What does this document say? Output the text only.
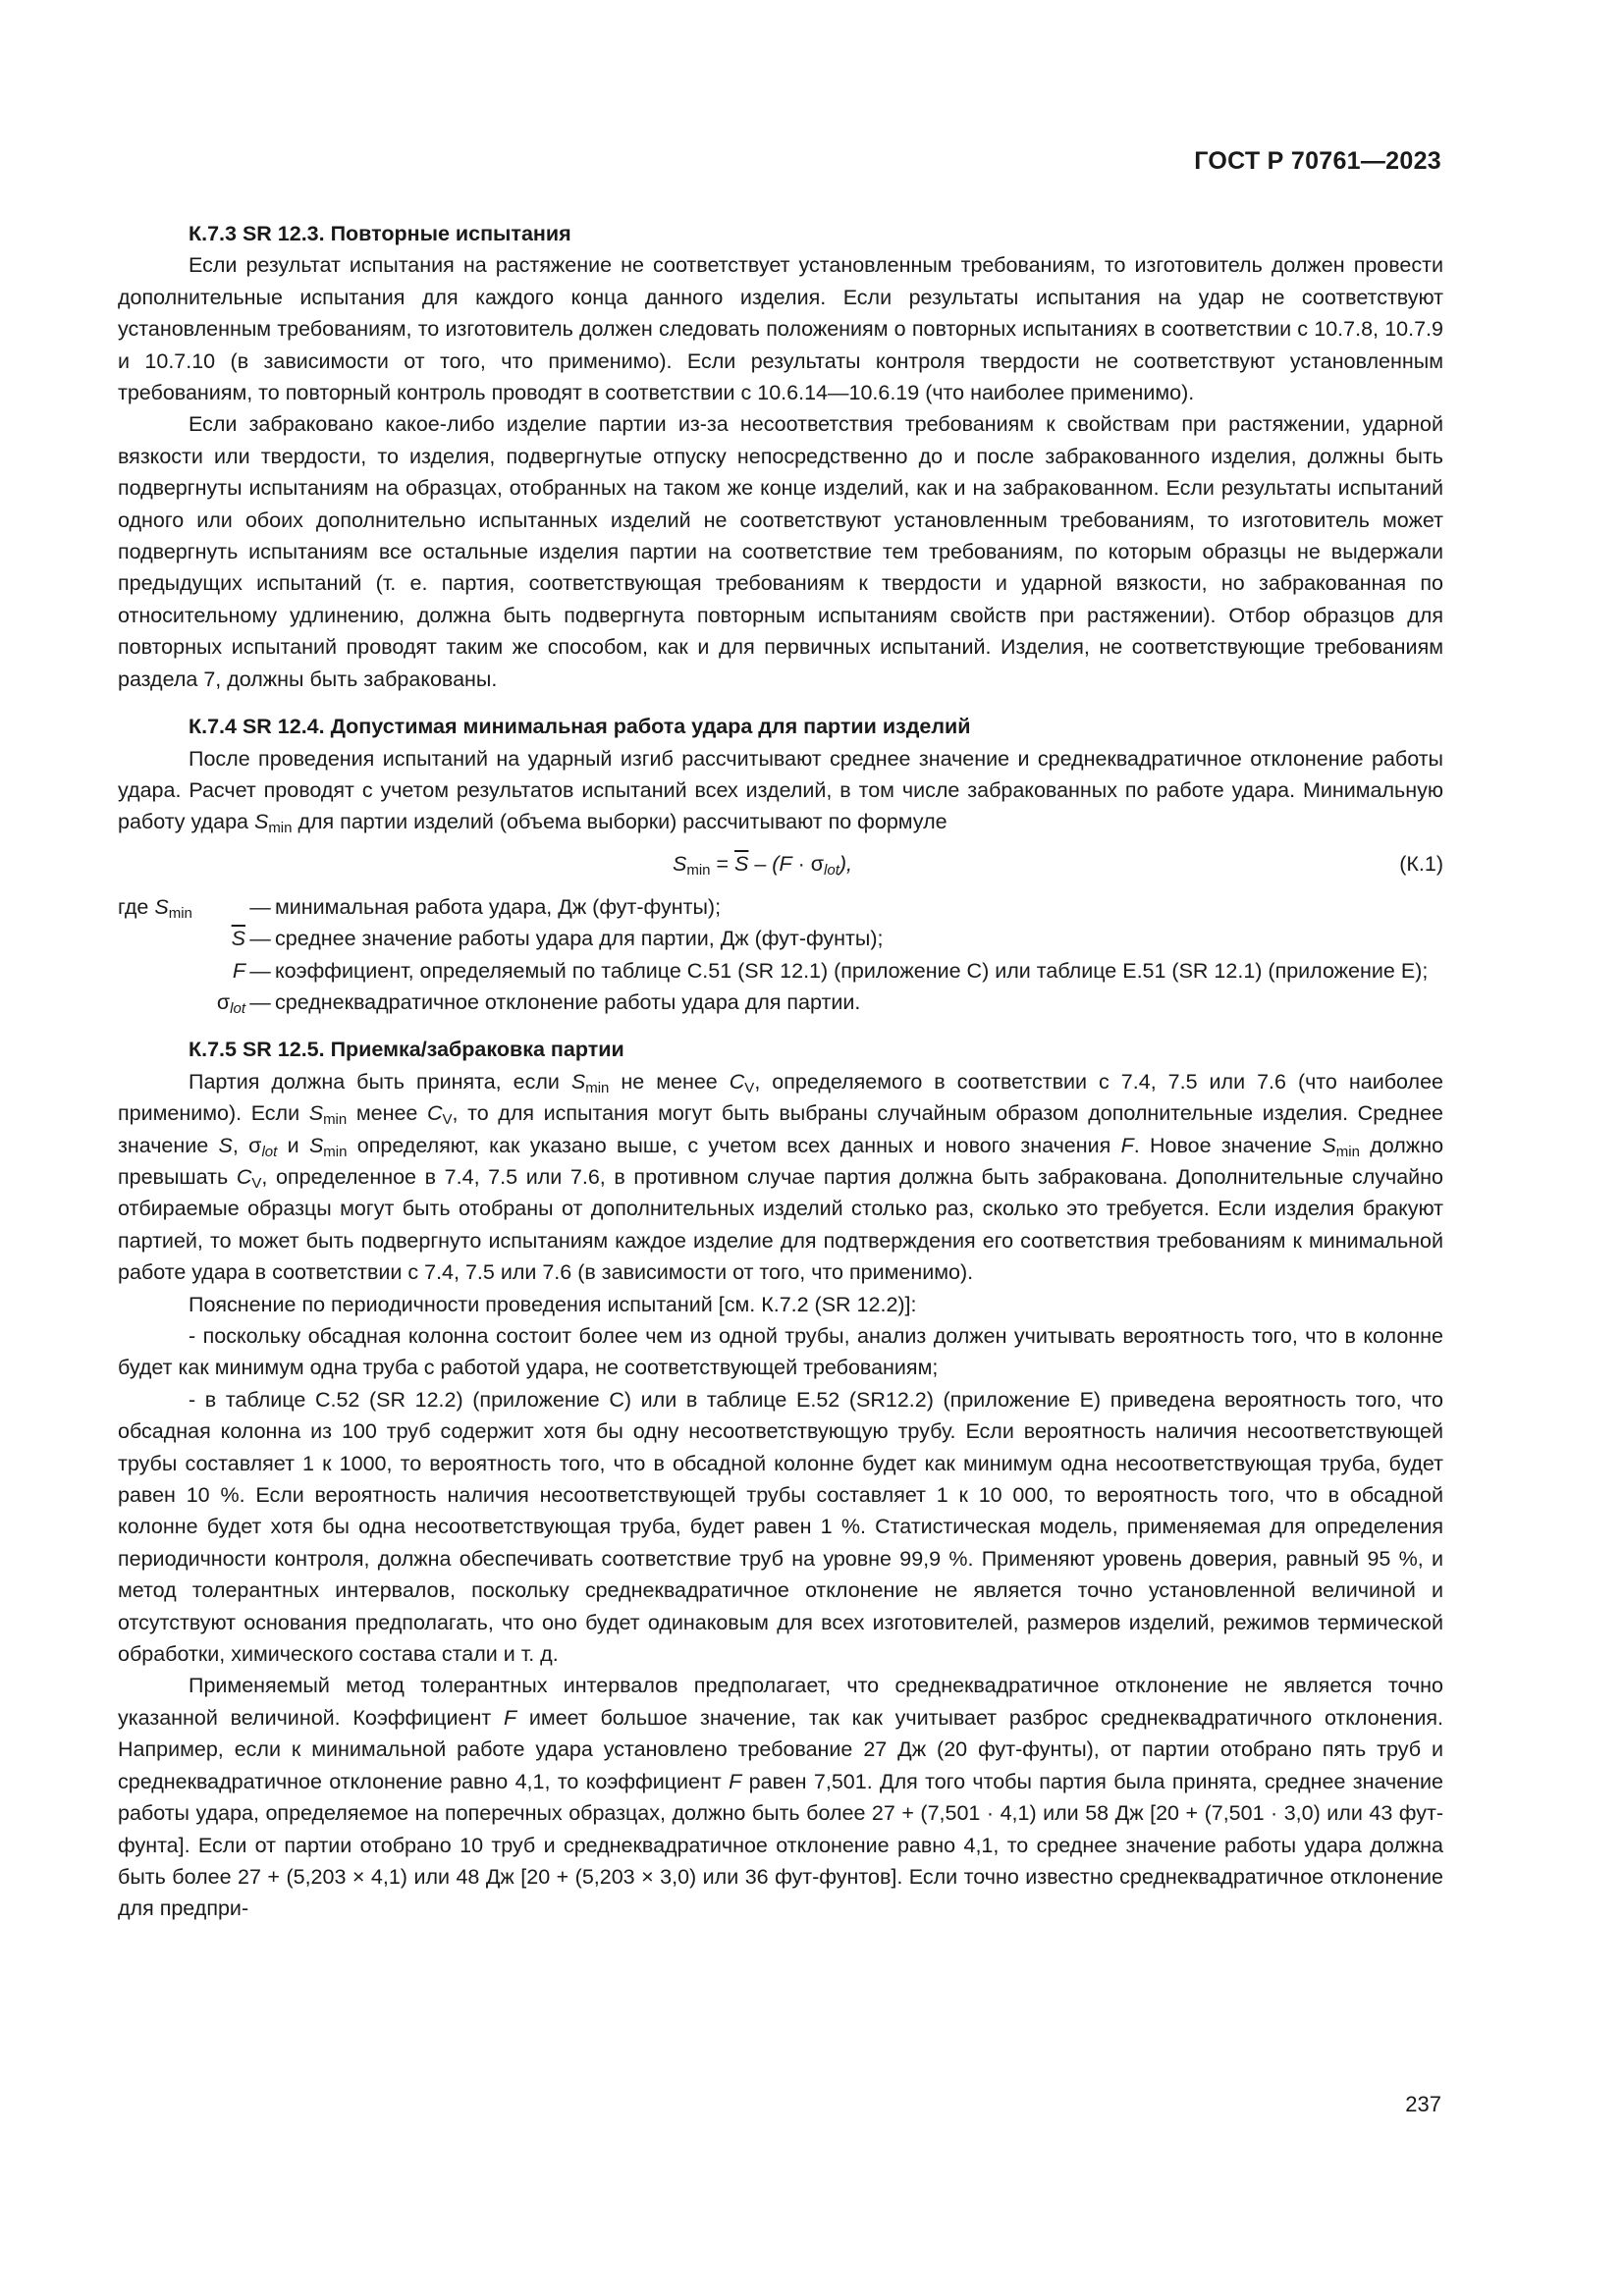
ГОСТ Р 70761—2023

К.7.3 SR 12.3. Повторные испытания

Если результат испытания на растяжение не соответствует установленным требованиям, то изготовитель должен провести дополнительные испытания для каждого конца данного изделия. Если результаты испытания на удар не соответствуют установленным требованиям, то изготовитель должен следовать положениям о повторных испытаниях в соответствии с 10.7.8, 10.7.9 и 10.7.10 (в зависимости от того, что применимо). Если результаты контроля твердости не соответствуют установленным требованиям, то повторный контроль проводят в соответствии с 10.6.14—10.6.19 (что наиболее применимо).

Если забраковано какое-либо изделие партии из-за несоответствия требованиям к свойствам при растяжении, ударной вязкости или твердости, то изделия, подвергнутые отпуску непосредственно до и после забракованного изделия, должны быть подвергнуты испытаниям на образцах, отобранных на таком же конце изделий, как и на забракованном. Если результаты испытаний одного или обоих дополнительно испытанных изделий не соответствуют установленным требованиям, то изготовитель может подвергнуть испытаниям все остальные изделия партии на соответствие тем требованиям, по которым образцы не выдержали предыдущих испытаний (т. е. партия, соответствующая требованиям к твердости и ударной вязкости, но забракованная по относительному удлинению, должна быть подвергнута повторным испытаниям свойств при растяжении). Отбор образцов для повторных испытаний проводят таким же способом, как и для первичных испытаний. Изделия, не соответствующие требованиям раздела 7, должны быть забракованы.

К.7.4 SR 12.4. Допустимая минимальная работа удара для партии изделий

После проведения испытаний на ударный изгиб рассчитывают среднее значение и среднеквадратичное отклонение работы удара. Расчет проводят с учетом результатов испытаний всех изделий, в том числе забракованных по работе удара. Минимальную работу удара $S_{min}$ для партии изделий (объема выборки) рассчитывают по формуле

$S_{min} = \overline{S} - (F \cdot \sigma_{lot})$,	(К.1)
где $S_{min}$	— минимальная работа удара, Дж (фут-фунты);
$\overline{S}$ — среднее значение работы удара для партии, Дж (фут-фунты);
F — коэффициент, определяемый по таблице С.51 (SR 12.1) (приложение С) или таблице Е.51 (SR 12.1) (приложение Е);
$\sigma_{lot}$ — среднеквадратичное отклонение работы удара для партии.

К.7.5 SR 12.5. Приемка/забраковка партии

Партия должна быть принята, если $S_{min}$ не менее $C_V$, определяемого в соответствии с 7.4, 7.5 или 7.6 (что наиболее применимо). Если $S_{min}$ менее $C_V$, то для испытания могут быть выбраны случайным образом дополнительные изделия. Среднее значение S, $\sigma_{lot}$ и $S_{min}$ определяют, как указано выше, с учетом всех данных и нового значения F. Новое значение $S_{min}$ должно превышать $C_V$, определенное в 7.4, 7.5 или 7.6, в противном случае партия должна быть забракована. Дополнительные случайно отбираемые образцы могут быть отобраны от дополнительных изделий столько раз, сколько это требуется. Если изделия бракуют партией, то может быть подвергнуто испытаниям каждое изделие для подтверждения его соответствия требованиям к минимальной работе удара в соответствии с 7.4, 7.5 или 7.6 (в зависимости от того, что применимо).

Пояснение по периодичности проведения испытаний [см. К.7.2 (SR 12.2)]:

- поскольку обсадная колонна состоит более чем из одной трубы, анализ должен учитывать вероятность того, что в колонне будет как минимум одна труба с работой удара, не соответствующей требованиям;

- в таблице С.52 (SR 12.2) (приложение С) или в таблице Е.52 (SR12.2) (приложение Е) приведена вероятность того, что обсадная колонна из 100 труб содержит хотя бы одну несоответствующую трубу. Если вероятность наличия несоответствующей трубы составляет 1 к 1000, то вероятность того, что в обсадной колонне будет как минимум одна несоответствующая труба, будет равен 10 %. Если вероятность наличия несоответствующей трубы составляет 1 к 10 000, то вероятность того, что в обсадной колонне будет хотя бы одна несоответствующая труба, будет равен 1 %. Статистическая модель, применяемая для определения периодичности контроля, должна обеспечивать соответствие труб на уровне 99,9 %. Применяют уровень доверия, равный 95 %, и метод толерантных интервалов, поскольку среднеквадратичное отклонение не является точно установленной величиной и отсутствуют основания предполагать, что оно будет одинаковым для всех изготовителей, размеров изделий, режимов термической обработки, химического состава стали и т. д.

Применяемый метод толерантных интервалов предполагает, что среднеквадратичное отклонение не является точно указанной величиной. Коэффициент F имеет большое значение, так как учитывает разброс среднеквадратичного отклонения. Например, если к минимальной работе удара установлено требование 27 Дж (20 фут-фунты), от партии отобрано пять труб и среднеквадратичное отклонение равно 4,1, то коэффициент F равен 7,501. Для того чтобы партия была принята, среднее значение работы удара, определяемое на поперечных образцах, должно быть более 27 + (7,501 · 4,1) или 58 Дж [20 + (7,501 · 3,0) или 43 фут-фунта]. Если от партии отобрано 10 труб и среднеквадратичное отклонение равно 4,1, то среднее значение работы удара должна быть более 27 + (5,203 × 4,1) или 48 Дж [20 + (5,203 × 3,0) или 36 фут-фунтов]. Если точно известно среднеквадратичное отклонение для предпри-

237
